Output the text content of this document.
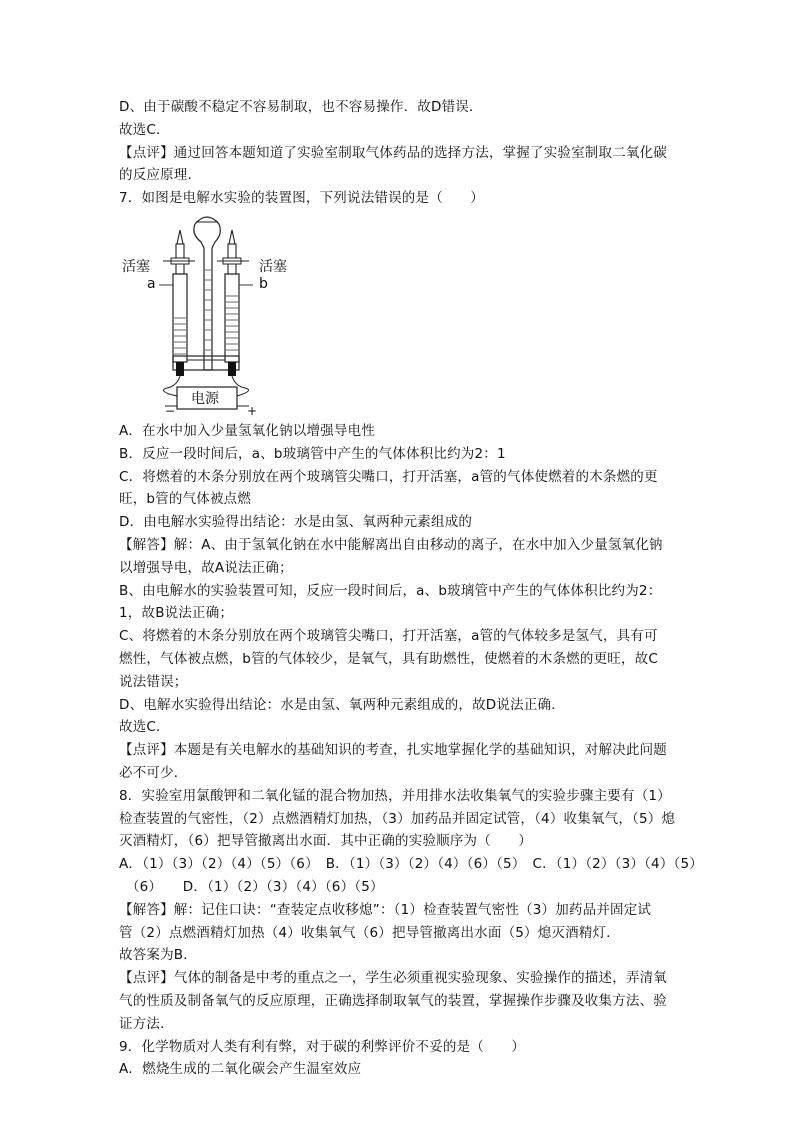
D、由于碳酸不稳定不容易制取，也不容易操作．故D错误．
故选C．
【点评】通过回答本题知道了实验室制取气体药品的选择方法，掌握了实验室制取二氧化碳
的反应原理．
7．如图是电解水实验的装置图，下列说法错误的是（　　）
活塞	活塞
a	b
电源
−	+
A．在水中加入少量氢氧化钠以增强导电性
B．反应一段时间后，a、b玻璃管中产生的气体体积比约为2：1
C．将燃着的木条分别放在两个玻璃管尖嘴口，打开活塞，a管的气体使燃着的木条燃的更
旺，b管的气体被点燃
D．由电解水实验得出结论：水是由氢、氧两种元素组成的
【解答】解：A、由于氢氧化钠在水中能解离出自由移动的离子，在水中加入少量氢氧化钠
以增强导电，故A说法正确；
B、由电解水的实验装置可知，反应一段时间后，a、b玻璃管中产生的气体体积比约为2：
1，故B说法正确；
C、将燃着的木条分别放在两个玻璃管尖嘴口，打开活塞，a管的气体较多是氢气，具有可
燃性，气体被点燃，b管的气体较少，是氧气，具有助燃性，使燃着的木条燃的更旺，故C
说法错误；
D、电解水实验得出结论：水是由氢、氧两种元素组成的，故D说法正确．
故选C．
【点评】本题是有关电解水的基础知识的考查，扎实地掌握化学的基础知识，对解决此问题
必不可少．
8．实验室用氯酸钾和二氧化锰的混合物加热，并用排水法收集氧气的实验步骤主要有（1）
检查装置的气密性，（2）点燃酒精灯加热，（3）加药品并固定试管，（4）收集氧气，（5）熄
灭酒精灯，（6）把导管撤离出水面．其中正确的实验顺序为（　　）
A．（1）（3）（2）（4）（5）（6）　B．（1）（3）（2）（4）（6）（5）　C．（1）（2）（3）（4）（5）
　（6）　　D．（1）（2）（3）（4）（6）（5）
【解答】解：记住口诀：“查装定点收移熄”：（1）检查装置气密性（3）加药品并固定试
管（2）点燃酒精灯加热（4）收集氧气（6）把导管撤离出水面（5）熄灭酒精灯．
故答案为B．
【点评】气体的制备是中考的重点之一，学生必须重视实验现象、实验操作的描述，弄清氧
气的性质及制备氧气的反应原理，正确选择制取氧气的装置，掌握操作步骤及收集方法、验
证方法．
9．化学物质对人类有利有弊，对于碳的利弊评价不妥的是（　　）
A．燃烧生成的二氧化碳会产生温室效应
